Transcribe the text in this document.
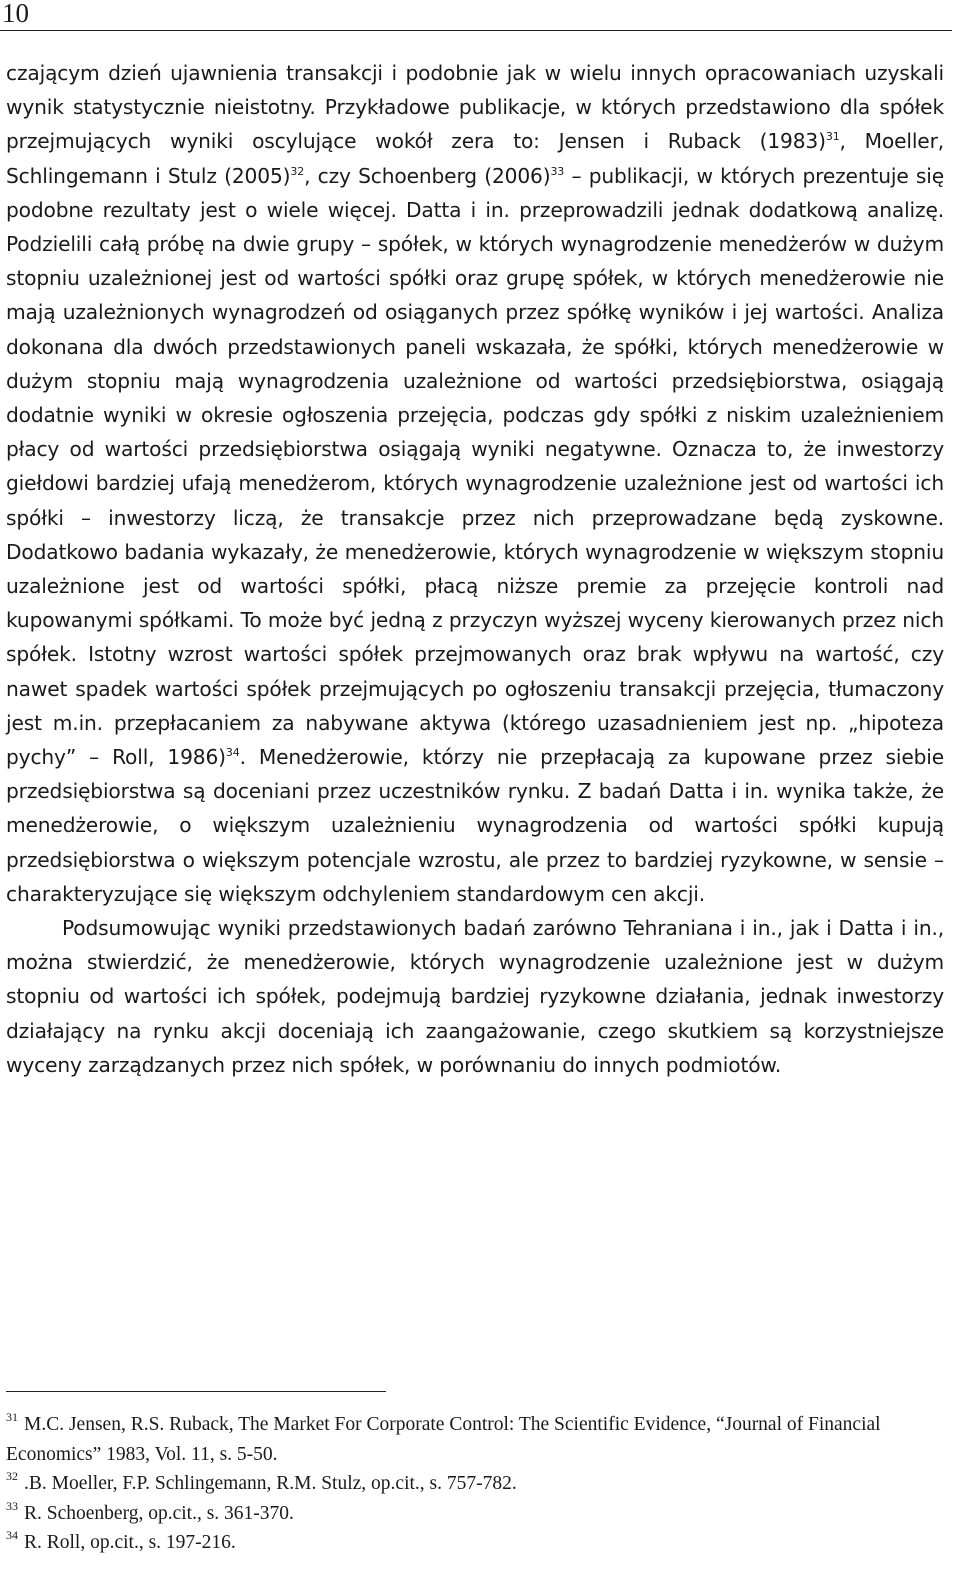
10

czającym dzień ujawnienia transakcji i podobnie jak w wielu innych opracowaniach uzyskali wynik statystycznie nieistotny. Przykładowe publikacje, w których przedstawiono dla spółek przejmujących wyniki oscylujące wokół zera to: Jensen i Ruback $(1983)^{31}$, Moeller, Schlingemann i Stulz $(2005)^{32}$, czy Schoenberg $(2006)^{33}$ – publikacji, w których prezentuje się podobne rezultaty jest o wiele więcej. Datta i in. przeprowadzili jednak dodatkową analizę. Podzielili całą próbę na dwie grupy – spółek, w których wynagrodzenie menedżerów w dużym stopniu uzależnionej jest od wartości spółki oraz grupę spółek, w których menedżerowie nie mają uzależnionych wynagrodzeń od osiąganych przez spółkę wyników i jej wartości. Analiza dokonana dla dwóch przedstawionych paneli wskazała, że spółki, których menedżerowie w dużym stopniu mają wynagrodzenia uzależnione od wartości przedsiębiorstwa, osiągają dodatnie wyniki w okresie ogłoszenia przejęcia, podczas gdy spółki z niskim uzależnieniem płacy od wartości przedsiębiorstwa osiągają wyniki negatywne. Oznacza to, że inwestorzy giełdowi bardziej ufają menedżerom, których wynagrodzenie uzależnione jest od wartości ich spółki – inwestorzy liczą, że transakcje przez nich przeprowadzane będą zyskowne. Dodatkowo badania wykazały, że menedżerowie, których wynagrodzenie w większym stopniu uzależnione jest od wartości spółki, płacą niższe premie za przejęcie kontroli nad kupowanymi spółkami. To może być jedną z przyczyn wyższej wyceny kierowanych przez nich spółek. Istotny wzrost wartości spółek przejmowanych oraz brak wpływu na wartość, czy nawet spadek wartości spółek przejmujących po ogłoszeniu transakcji przejęcia, tłumaczony jest m.in. przepłacaniem za nabywane aktywa (którego uzasadnieniem jest np. „hipoteza pychy” – Roll, 1986)$^{34}$. Menedżerowie, którzy nie przepłacają za kupowane przez siebie przedsiębiorstwa są doceniani przez uczestników rynku. Z badań Datta i in. wynika także, że menedżerowie, o większym uzależnieniu wynagrodzenia od wartości spółki kupują przedsiębiorstwa o większym potencjale wzrostu, ale przez to bardziej ryzykowne, w sensie – charakteryzujące się większym odchyleniem standardowym cen akcji.

Podsumowując wyniki przedstawionych badań zarówno Tehraniana i in., jak i Datta i in., można stwierdzić, że menedżerowie, których wynagrodzenie uzależnione jest w dużym stopniu od wartości ich spółek, podejmują bardziej ryzykowne działania, jednak inwestorzy działający na rynku akcji doceniają ich zaangażowanie, czego skutkiem są korzystniejsze wyceny zarządzanych przez nich spółek, w porównaniu do innych podmiotów.

$^{31}$ M.C. Jensen, R.S. Ruback, The Market For Corporate Control: The Scientific Evidence, “Journal of Financial Economics” 1983, Vol. 11, s. 5-50.

$^{32}$ .B. Moeller, F.P. Schlingemann, R.M. Stulz, op.cit., s. 757-782.

$^{33}$ R. Schoenberg, op.cit., s. 361-370.

$^{34}$ R. Roll, op.cit., s. 197-216.
